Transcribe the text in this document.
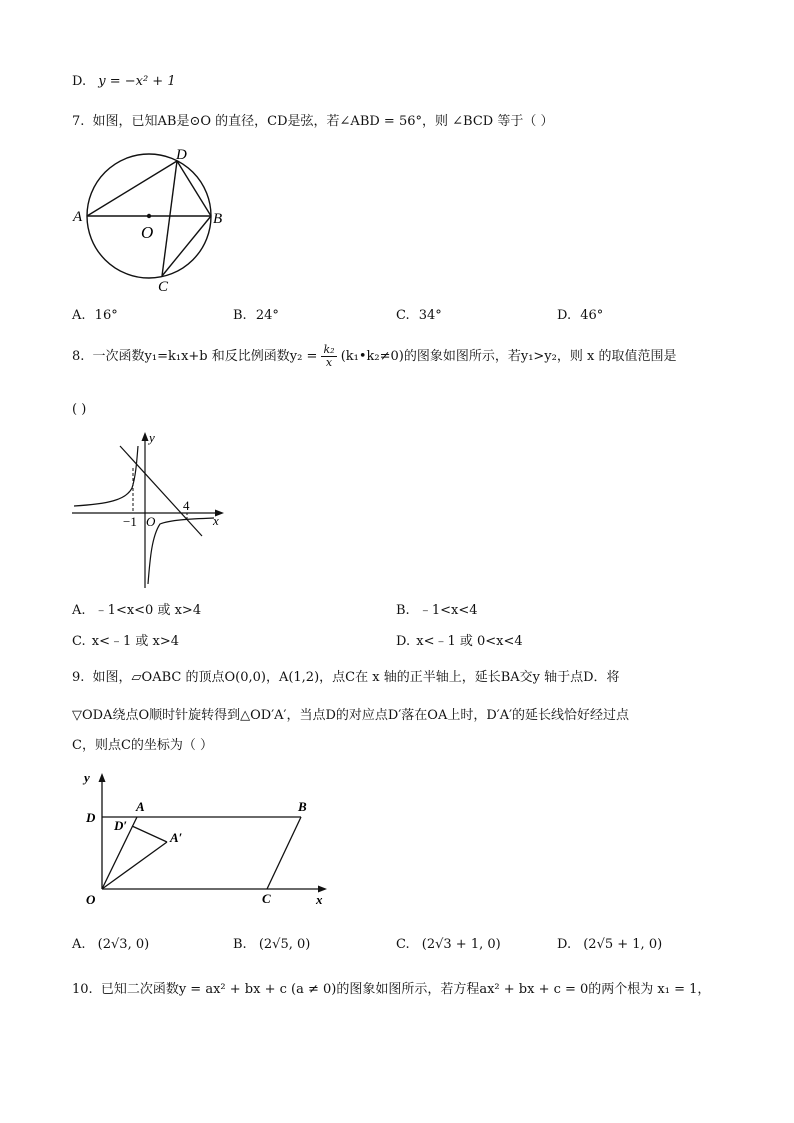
D. y = −x² + 1
7. 如图，已知AB是⊙O 的直径，CD是弦，若∠ABD = 56°，则 ∠BCD 等于（ ）
A	B
D
C
O
A. 16°	B. 24°	C. 34°	D. 46°
8. 一次函数y₁=k₁x+b 和反比例函数$y_2 = \frac{\text{k₂}}{x}$ (k₁•k₂≠0)的图象如图所示，若y₁>y₂，则 x 的取值范围是
( )
y
x
O
−1
4
A. ﹣1<x<0 或 x>4	B. ﹣1<x<4
C. x<﹣1 或 x>4	D. x<﹣1 或 0<x<4
9. 如图，▱OABC 的顶点O(0,0)，A(1,2)，点C在 x 轴的正半轴上，延长BA交y 轴于点D．将
▽ODA绕点O顺时针旋转得到△OD′A′，当点D的对应点D′落在OA上时，D′A′的延长线恰好经过点
C，则点C的坐标为（ ）
A	B
C
D
D′
A′
O	x
y
A. (2√3, 0)	B. (2√5, 0)	C. (2√3 + 1, 0)	D. (2√5 + 1, 0)
10. 已知二次函数y = ax² + bx + c (a ≠ 0)的图象如图所示，若方程ax² + bx + c = 0的两个根为 x₁ = 1，
